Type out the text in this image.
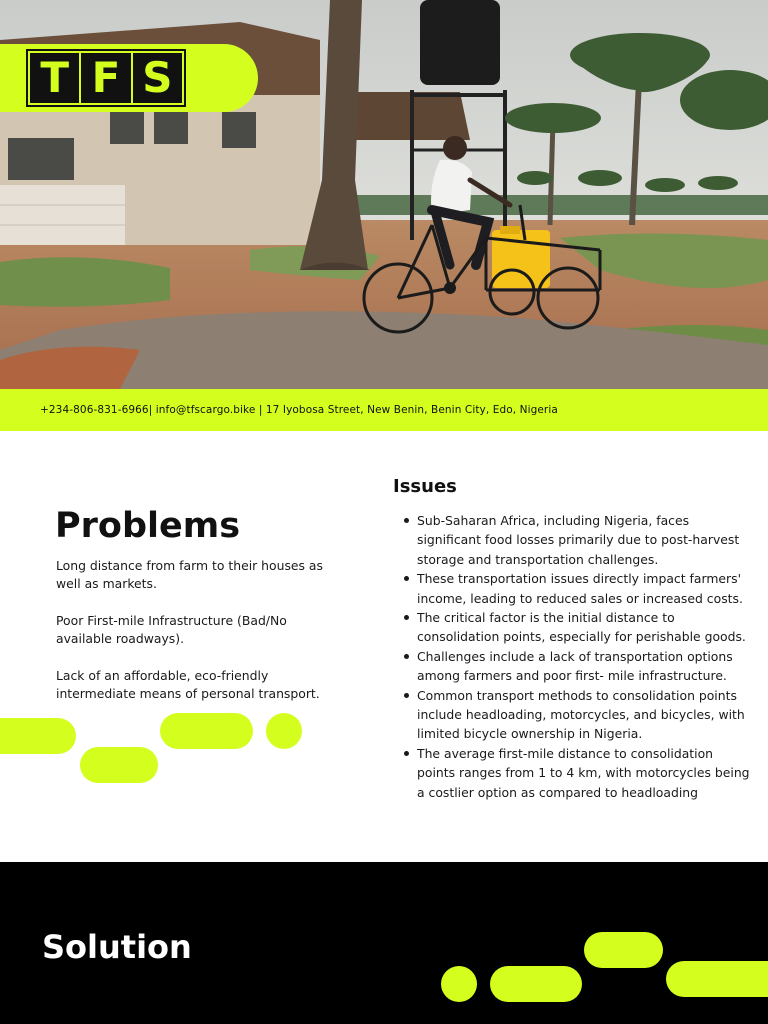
T F S
+234-806-831-6966| info@tfscargo.bike | 17 Iyobosa Street, New Benin, Benin City, Edo, Nigeria
Problems

Long distance from farm to their houses as well as markets.

Poor First-mile Infrastructure (Bad/No available roadways).

Lack of an affordable, eco-friendly intermediate means of personal transport.

Issues
Sub-Saharan Africa, including Nigeria, faces significant food losses primarily due to post-harvest storage and transportation challenges.
These transportation issues directly impact farmers' income, leading to reduced sales or increased costs.
The critical factor is the initial distance to consolidation points, especially for perishable goods.
Challenges include a lack of transportation options among farmers and poor first- mile infrastructure.
Common transport methods to consolidation points include headloading, motorcycles, and bicycles, with limited bicycle ownership in Nigeria.
The average first-mile distance to consolidation points ranges from 1 to 4 km, with motorcycles being a costlier option as compared to headloading
Solution
